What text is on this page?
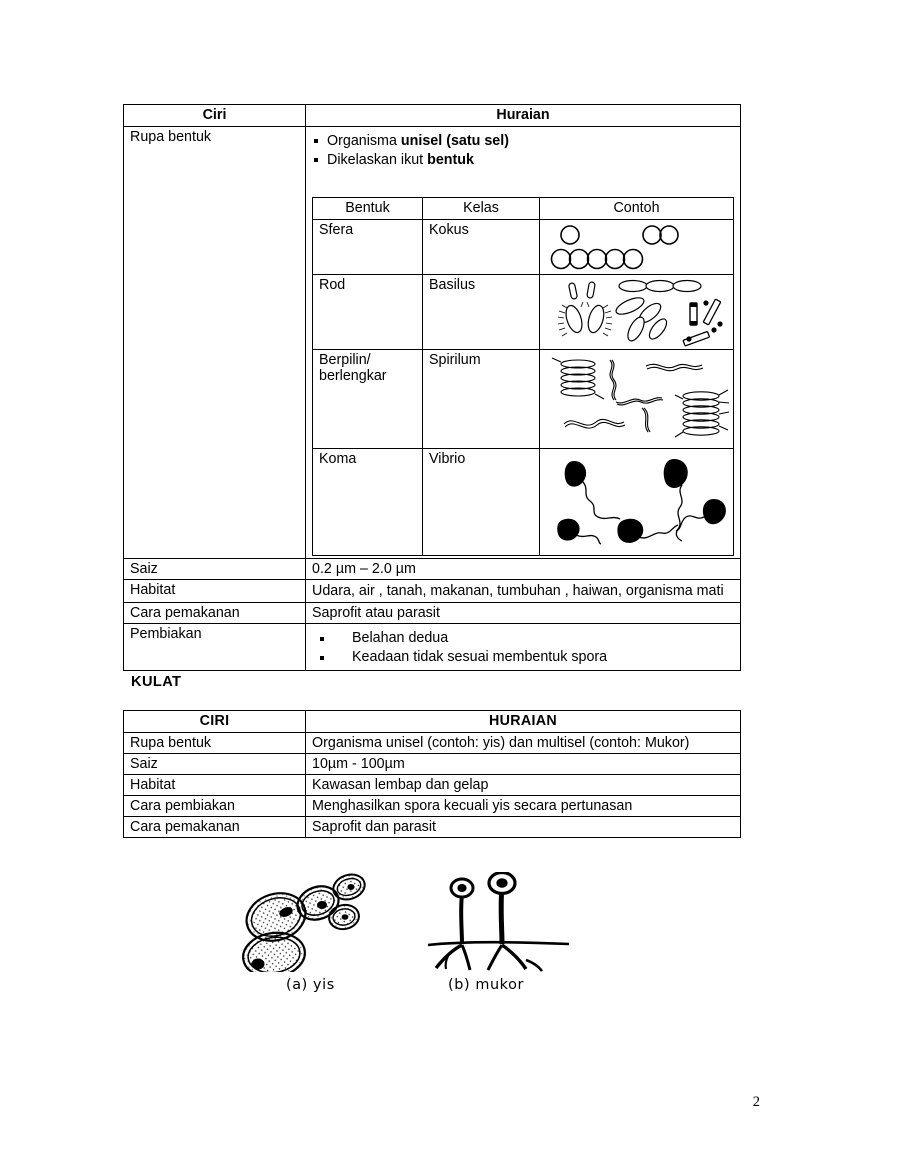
Ciri	Huraian
Rupa bentuk	Organisma unisel (satu sel)
Dikelaskan ikut bentuk
Bentuk	Kelas	Contoh
Sfera	Kokus	

Rod	Basilus	

Berpilin/ berlengkar	Spirilum	

Koma	Vibrio	

Saiz	0.2 µm – 2.0 µm
Habitat	Udara, air , tanah, makanan, tumbuhan , haiwan, organisma mati
Cara pemakanan	Saprofit atau parasit
Pembiakan	Belahan dedua
Keadaan tidak sesuai membentuk spora
KULAT
CIRI	HURAIAN
Rupa bentuk	Organisma unisel (contoh: yis) dan multisel (contoh: Mukor)
Saiz	10µm - 100µm
Habitat	Kawasan lembap dan gelap
Cara pembiakan	Menghasilkan spora kecuali yis secara pertunasan
Cara pemakanan	Saprofit dan parasit
(a) yis	(b) mukor
2
